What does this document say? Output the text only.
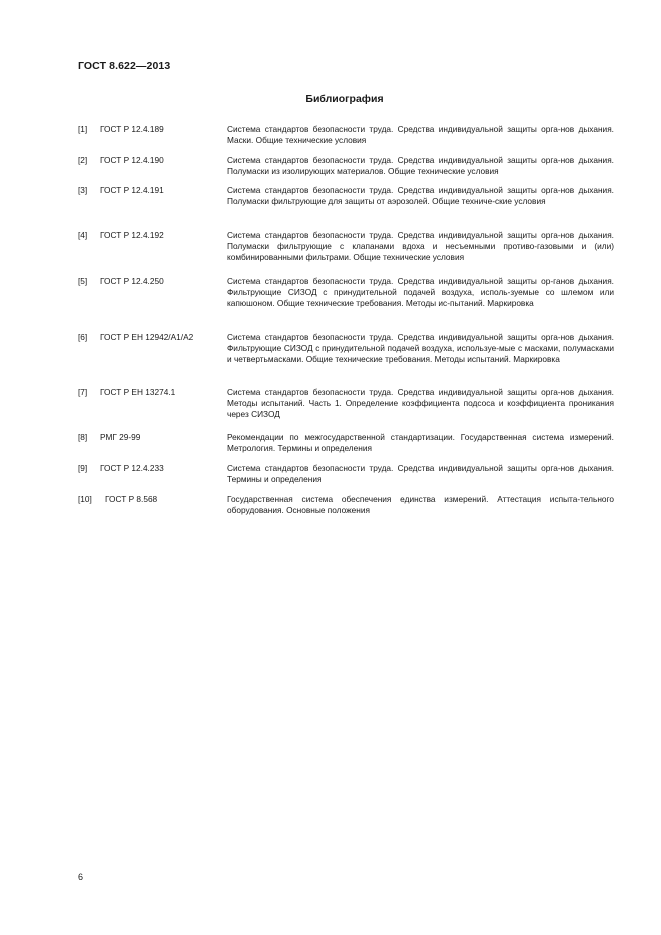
ГОСТ 8.622—2013
Библиография
[1] ГОСТ Р 12.4.189	Система стандартов безопасности труда. Средства индивидуальной защиты орга-нов дыхания. Маски. Общие технические условия
[2] ГОСТ Р 12.4.190	Система стандартов безопасности труда. Средства индивидуальной защиты орга-нов дыхания. Полумаски из изолирующих материалов. Общие технические условия
[3] ГОСТ Р 12.4.191	Система стандартов безопасности труда. Средства индивидуальной защиты орга-нов дыхания. Полумаски фильтрующие для защиты от аэрозолей. Общие техниче-ские условия
[4] ГОСТ Р 12.4.192	Система стандартов безопасности труда. Средства индивидуальной защиты орга-нов дыхания. Полумаски фильтрующие с клапанами вдоха и несъемными противо-газовыми и (или) комбинированными фильтрами. Общие технические условия
[5] ГОСТ Р 12.4.250	Система стандартов безопасности труда. Средства индивидуальной защиты ор-ганов дыхания. Фильтрующие СИЗОД с принудительной подачей воздуха, исполь-зуемые со шлемом или капюшоном. Общие технические требования. Методы ис-пытаний. Маркировка
[6] ГОСТ Р ЕН 12942/А1/А2	Система стандартов безопасности труда. Средства индивидуальной защиты орга-нов дыхания. Фильтрующие СИЗОД с принудительной подачей воздуха, используе-мые с масками, полумасками и четвертьмасками. Общие технические требования. Методы испытаний. Маркировка
[7] ГОСТ Р ЕН 13274.1	Система стандартов безопасности труда. Средства индивидуальной защиты орга-нов дыхания. Методы испытаний. Часть 1. Определение коэффициента подсоса и коэффициента проникания через СИЗОД
[8] РМГ 29-99	Рекомендации по межгосударственной стандартизации. Государственная система измерений. Метрология. Термины и определения
[9] ГОСТ Р 12.4.233	Система стандартов безопасности труда. Средства индивидуальной защиты орга-нов дыхания. Термины и определения
[10] ГОСТ Р 8.568	Государственная система обеспечения единства измерений. Аттестация испыта-тельного оборудования. Основные положения
6
